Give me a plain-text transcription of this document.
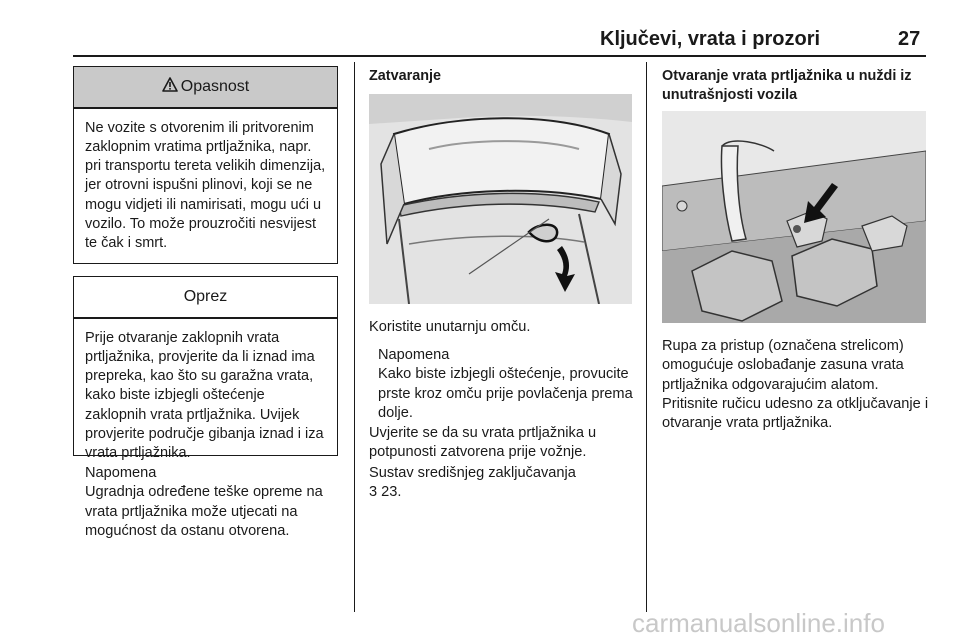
Ključevi, vrata i prozori	27
Opasnost
Ne vozite s otvorenim ili pritvorenim zaklopnim vratima prtljažnika, napr. pri transportu tereta velikih dimenzija, jer otrovni ispušni plinovi, koji se ne mogu vidjeti ili namirisati, mogu ući u vozilo. To može prouzročiti nesvijest te čak i smrt.
Oprez
Prije otvaranje zaklopnih vrata prtljažnika, provjerite da li iznad ima prepreka, kao što su garažna vrata, kako biste izbjegli oštećenje zaklopnih vrata prtljažnika. Uvijek provjerite područje gibanja iznad i iza vrata prtljažnika.
Napomena
Ugradnja određene teške opreme na vrata prtljažnika može utjecati na mogućnost da ostanu otvorena.
Zatvaranje
Koristite unutarnju omču.
Napomena
Kako biste izbjegli oštećenje, provucite prste kroz omču prije povlačenja prema dolje.
Uvjerite se da su vrata prtljažnika u potpunosti zatvorena prije vožnje.
Sustav središnjeg zaključavanja
3 23.
Otvaranje vrata prtljažnika u nuždi iz unutrašnjosti vozila
Rupa za pristup (označena strelicom) omogućuje oslobađanje zasuna vrata prtljažnika odgovarajućim alatom.
Pritisnite ručicu udesno za otključavanje i otvaranje vrata prtljažnika.
carmanualsonline.info
